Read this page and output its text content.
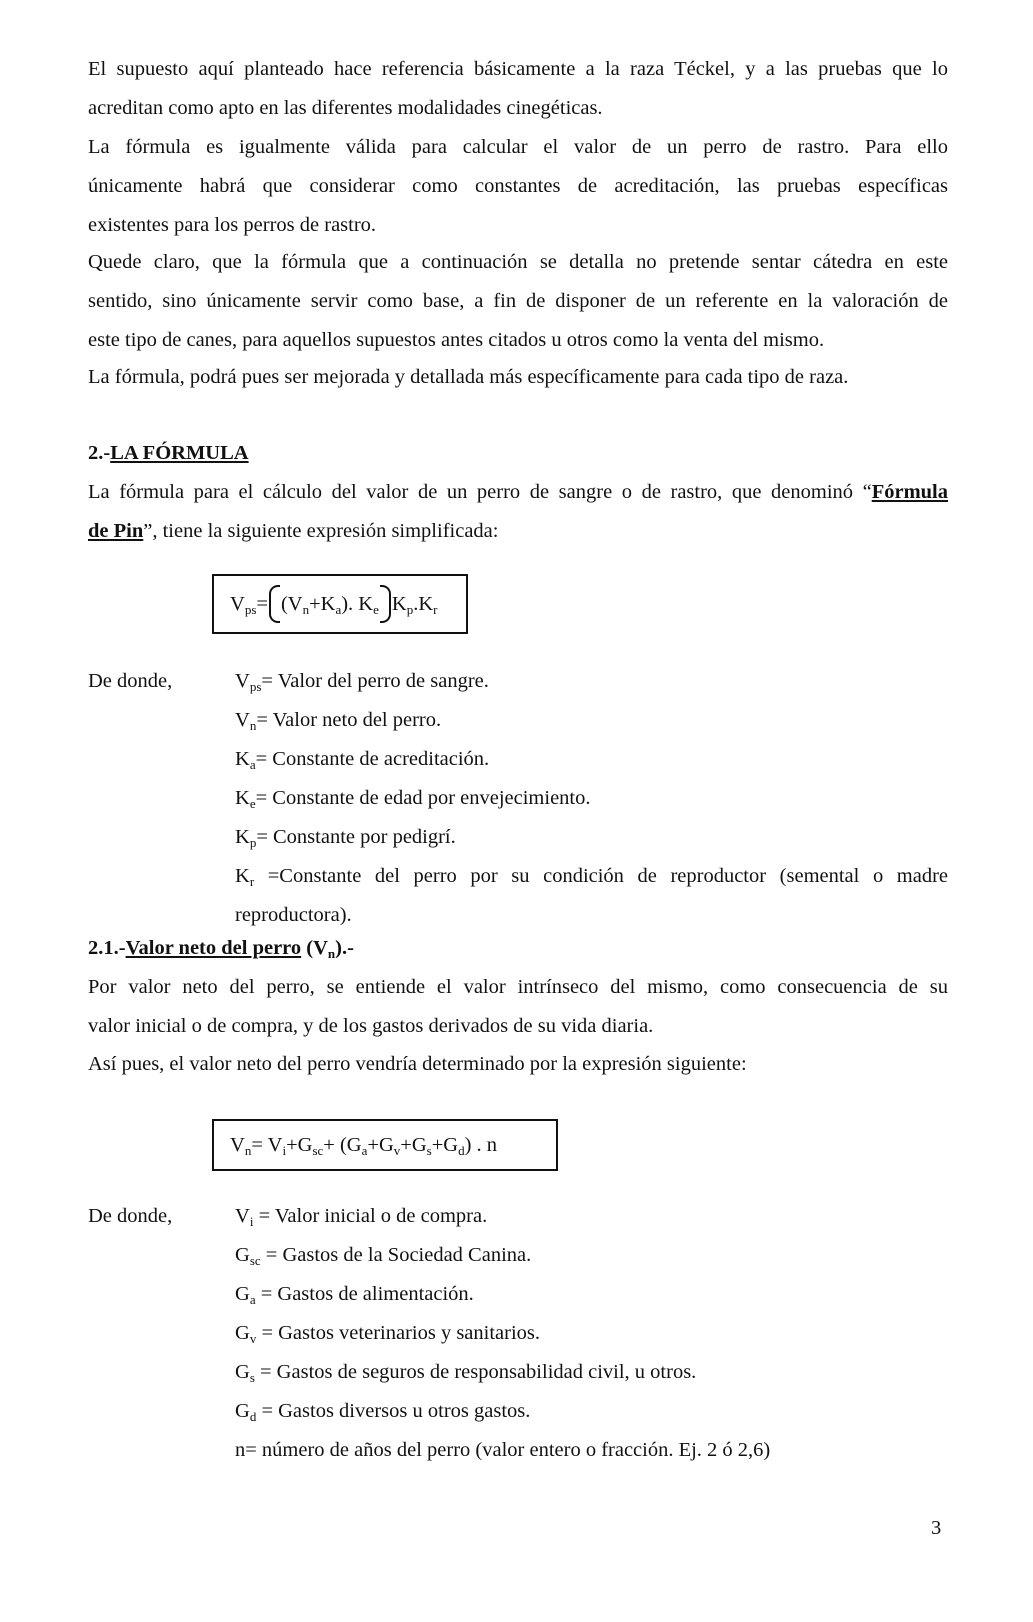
El supuesto aquí planteado hace referencia básicamente a la raza Téckel, y a las pruebas que lo
acreditan como apto en las diferentes modalidades cinegéticas.
La fórmula es igualmente válida para calcular el valor de un perro de rastro. Para ello
únicamente habrá que considerar como constantes de acreditación, las pruebas específicas
existentes para los perros de rastro.
Quede claro, que la fórmula que a continuación se detalla no pretende sentar cátedra en este
sentido, sino únicamente servir como base, a fin de disponer de un referente en la valoración de
este tipo de canes, para aquellos supuestos antes citados u otros como la venta del mismo.
La fórmula, podrá pues ser mejorada y detallada más específicamente para cada tipo de raza.
2.-LA FÓRMULA
La fórmula para el cálculo del valor de un perro de sangre o de rastro, que denominó “Fórmula
de Pin”, tiene la siguiente expresión simplificada:
$V_{ps}= (V_n+K_a)$. $K_e$ $K_p.K_r$
De donde,	$V_{ps}=$ Valor del perro de sangre.
$V_n=$ Valor neto del perro.
$K_a=$ Constante de acreditación.
$K_e=$ Constante de edad por envejecimiento.
$K_p=$ Constante por pedigrí.
$K_r$ =Constante del perro por su condición de reproductor (semental o madre
reproductora).
2.1.-Valor neto del perro $(V_n).-$
Por valor neto del perro, se entiende el valor intrínseco del mismo, como consecuencia de su
valor inicial o de compra, y de los gastos derivados de su vida diaria.
Así pues, el valor neto del perro vendría determinado por la expresión siguiente:
$V_n= V_i+G_{sc}+ (G_a+G_v+G_s+G_d)$ . n
De donde,	$V_i$ = Valor inicial o de compra.
$G_{sc}$ = Gastos de la Sociedad Canina.
$G_a$ = Gastos de alimentación.
$G_v$ = Gastos veterinarios y sanitarios.
$G_s$ = Gastos de seguros de responsabilidad civil, u otros.
$G_d$ = Gastos diversos u otros gastos.
n= número de años del perro (valor entero o fracción. Ej. 2 ó 2,6)
3
